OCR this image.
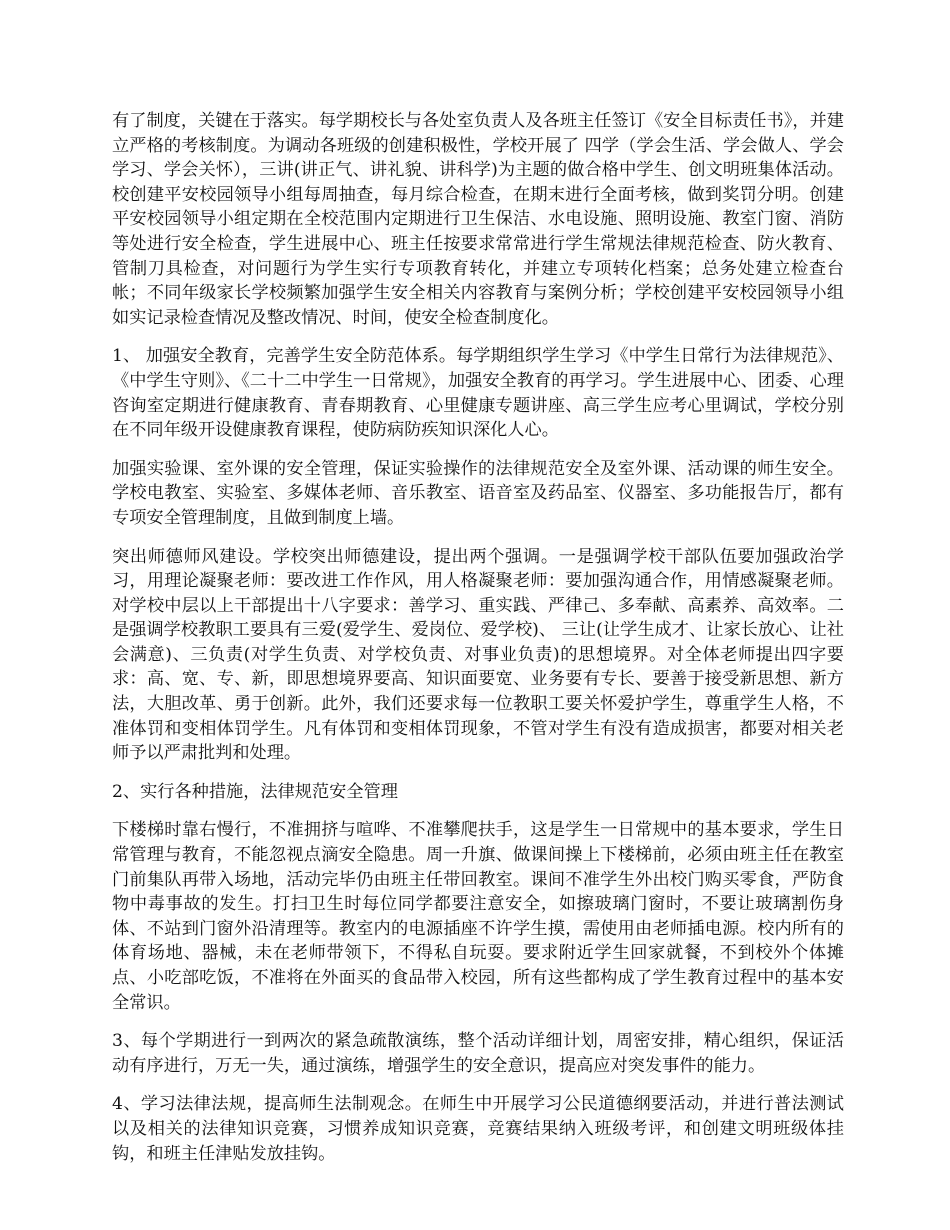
有了制度，关键在于落实。每学期校长与各处室负责人及各班主任签订《安全目标责任书》，并建立严格的考核制度。为调动各班级的创建积极性，学校开展了 四学（学会生活、学会做人、学会学习、学会关怀），三讲(讲正气、讲礼貌、讲科学)为主题的做合格中学生、创文明班集体活动。校创建平安校园领导小组每周抽查，每月综合检查，在期末进行全面考核，做到奖罚分明。创建平安校园领导小组定期在全校范围内定期进行卫生保洁、水电设施、照明设施、教室门窗、消防等处进行安全检查，学生进展中心、班主任按要求常常进行学生常规法律规范检查、防火教育、管制刀具检查，对问题行为学生实行专项教育转化，并建立专项转化档案；总务处建立检查台帐；不同年级家长学校频繁加强学生安全相关内容教育与案例分析；学校创建平安校园领导小组如实记录检查情况及整改情况、时间，使安全检查制度化。

1、 加强安全教育，完善学生安全防范体系。每学期组织学生学习《中学生日常行为法律规范》、《中学生守则》、《二十二中学生一日常规》，加强安全教育的再学习。学生进展中心、团委、心理咨询室定期进行健康教育、青春期教育、心里健康专题讲座、高三学生应考心里调试，学校分别在不同年级开设健康教育课程，使防病防疾知识深化人心。

加强实验课、室外课的安全管理，保证实验操作的法律规范安全及室外课、活动课的师生安全。学校电教室、实验室、多媒体老师、音乐教室、语音室及药品室、仪器室、多功能报告厅，都有专项安全管理制度，且做到制度上墙。

突出师德师风建设。学校突出师德建设，提出两个强调。一是强调学校干部队伍要加强政治学习，用理论凝聚老师：要改进工作作风，用人格凝聚老师：要加强沟通合作，用情感凝聚老师。对学校中层以上干部提出十八字要求：善学习、重实践、严律己、多奉献、高素养、高效率。二是强调学校教职工要具有三爱(爱学生、爱岗位、爱学校)、 三让(让学生成才、让家长放心、让社会满意)、三负责(对学生负责、对学校负责、对事业负责)的思想境界。对全体老师提出四字要求：高、宽、专、新，即思想境界要高、知识面要宽、业务要有专长、要善于接受新思想、新方法，大胆改革、勇于创新。此外，我们还要求每一位教职工要关怀爱护学生，尊重学生人格，不准体罚和变相体罚学生。凡有体罚和变相体罚现象，不管对学生有没有造成损害，都要对相关老师予以严肃批判和处理。

2、实行各种措施，法律规范安全管理

下楼梯时靠右慢行，不准拥挤与喧哗、不准攀爬扶手，这是学生一日常规中的基本要求，学生日常管理与教育，不能忽视点滴安全隐患。周一升旗、做课间操上下楼梯前，必须由班主任在教室门前集队再带入场地，活动完毕仍由班主任带回教室。课间不准学生外出校门购买零食，严防食物中毒事故的发生。打扫卫生时每位同学都要注意安全，如擦玻璃门窗时，不要让玻璃割伤身体、不站到门窗外沿清理等。教室内的电源插座不许学生摸，需使用由老师插电源。校内所有的体育场地、器械，未在老师带领下，不得私自玩耍。要求附近学生回家就餐，不到校外个体摊点、小吃部吃饭，不准将在外面买的食品带入校园，所有这些都构成了学生教育过程中的基本安全常识。

3、每个学期进行一到两次的紧急疏散演练，整个活动详细计划，周密安排，精心组织，保证活动有序进行，万无一失，通过演练，增强学生的安全意识，提高应对突发事件的能力。

4、学习法律法规，提高师生法制观念。在师生中开展学习公民道德纲要活动，并进行普法测试以及相关的法律知识竞赛，习惯养成知识竞赛，竞赛结果纳入班级考评，和创建文明班级体挂钩，和班主任津贴发放挂钩。
